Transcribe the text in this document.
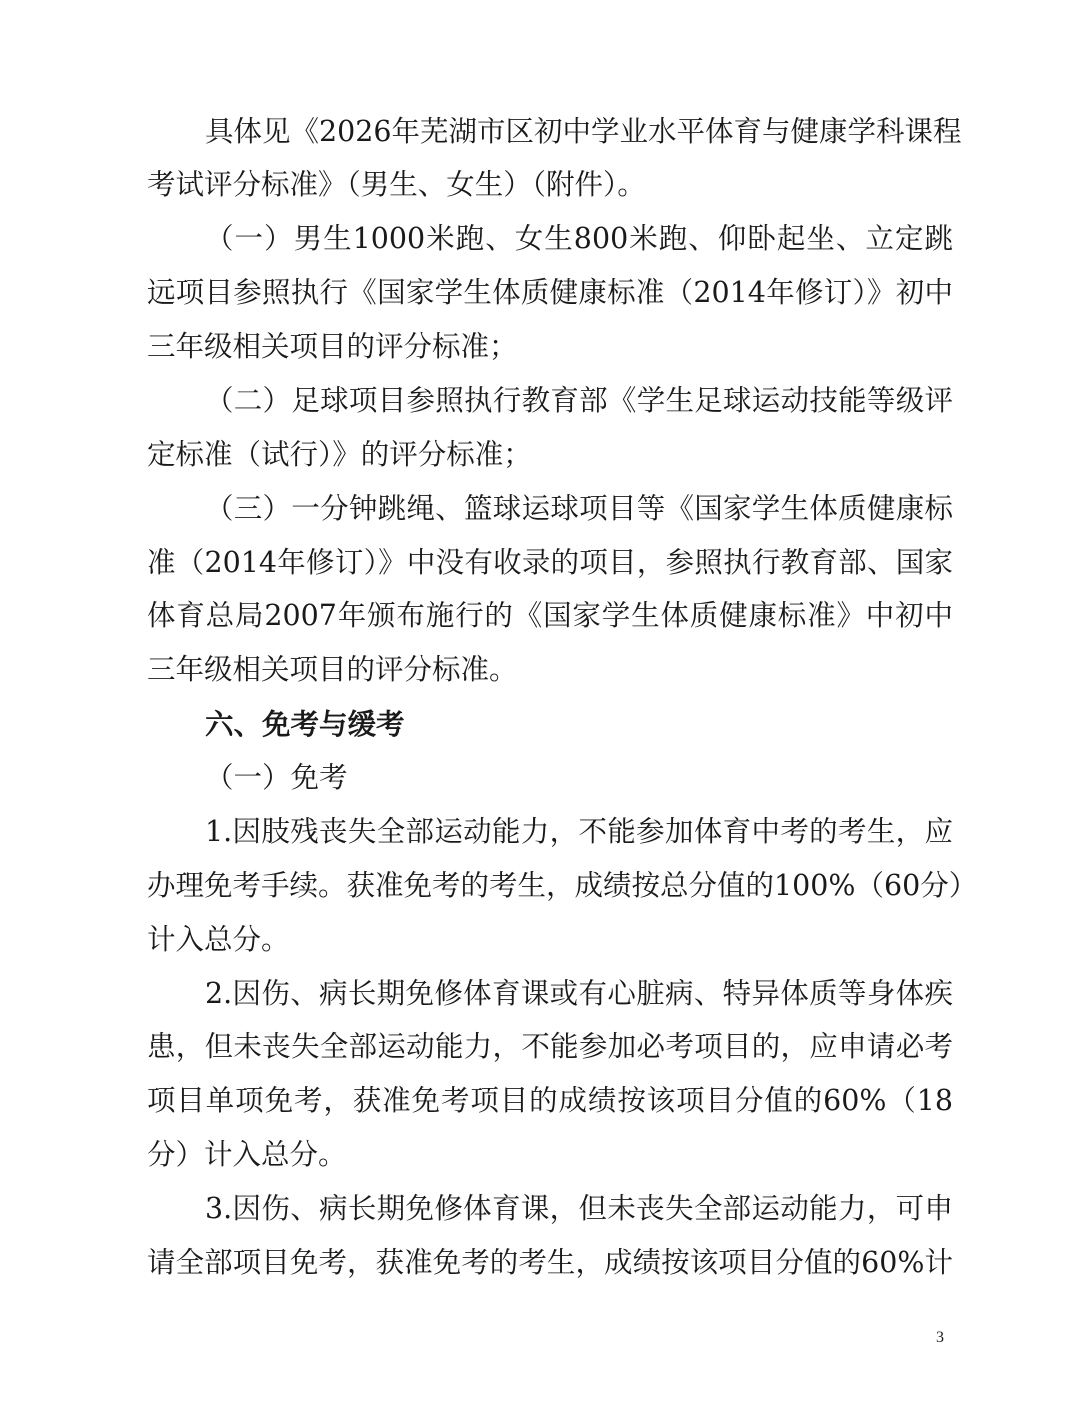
具体见《2026年芜湖市区初中学业水平体育与健康学科课程
考试评分标准》（男生、女生）（附件）。
（一）男生1000米跑、女生800米跑、仰卧起坐、立定跳
远项目参照执行《国家学生体质健康标准（2014年修订）》初中
三年级相关项目的评分标准；
（二）足球项目参照执行教育部《学生足球运动技能等级评
定标准（试行）》的评分标准；
（三）一分钟跳绳、篮球运球项目等《国家学生体质健康标
准（2014年修订）》中没有收录的项目，参照执行教育部、国家
体育总局2007年颁布施行的《国家学生体质健康标准》中初中
三年级相关项目的评分标准。
六、免考与缓考
（一）免考
1.因肢残丧失全部运动能力，不能参加体育中考的考生，应
办理免考手续。获准免考的考生，成绩按总分值的100%（60分）
计入总分。
2.因伤、病长期免修体育课或有心脏病、特异体质等身体疾
患，但未丧失全部运动能力，不能参加必考项目的，应申请必考
项目单项免考，获准免考项目的成绩按该项目分值的60%（18
分）计入总分。
3.因伤、病长期免修体育课，但未丧失全部运动能力，可申
请全部项目免考，获准免考的考生，成绩按该项目分值的60%计
3
